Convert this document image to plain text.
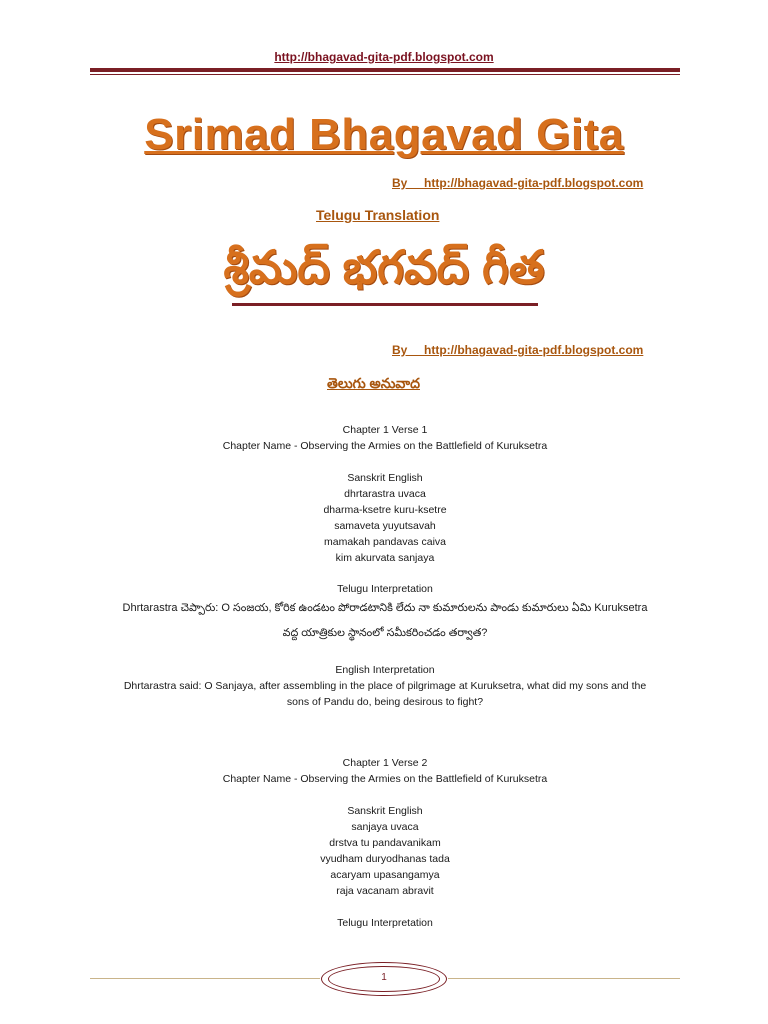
http://bhagavad-gita-pdf.blogspot.com
Srimad Bhagavad Gita
By     http://bhagavad-gita-pdf.blogspot.com
Telugu Translation
శ్రీమద్ భగవద్ గీత
By     http://bhagavad-gita-pdf.blogspot.com
తెలుగు అనువాద
Chapter 1 Verse 1
Chapter Name - Observing the Armies on the Battlefield of Kuruksetra
Sanskrit English
dhrtarastra uvaca
dharma-ksetre kuru-ksetre
samaveta yuyutsavah
mamakah pandavas caiva
kim akurvata sanjaya
Telugu Interpretation
Dhrtarastra చెప్పారు: O సంజయ, కోరిక ఉండటం పోరాడటానికి లేదు నా కుమారులను పాండు కుమారులు ఏమి Kuruksetra
వద్ద యాత్రికుల స్థానంలో సమీకరించడం తర్వాత?
English Interpretation
Dhrtarastra said: O Sanjaya, after assembling in the place of pilgrimage at Kuruksetra, what did my sons and the
sons of Pandu do, being desirous to fight?
Chapter 1 Verse 2
Chapter Name - Observing the Armies on the Battlefield of Kuruksetra
Sanskrit English
sanjaya uvaca
drstva tu pandavanikam
vyudham duryodhanas tada
acaryam upasangamya
raja vacanam abravit
Telugu Interpretation
1
